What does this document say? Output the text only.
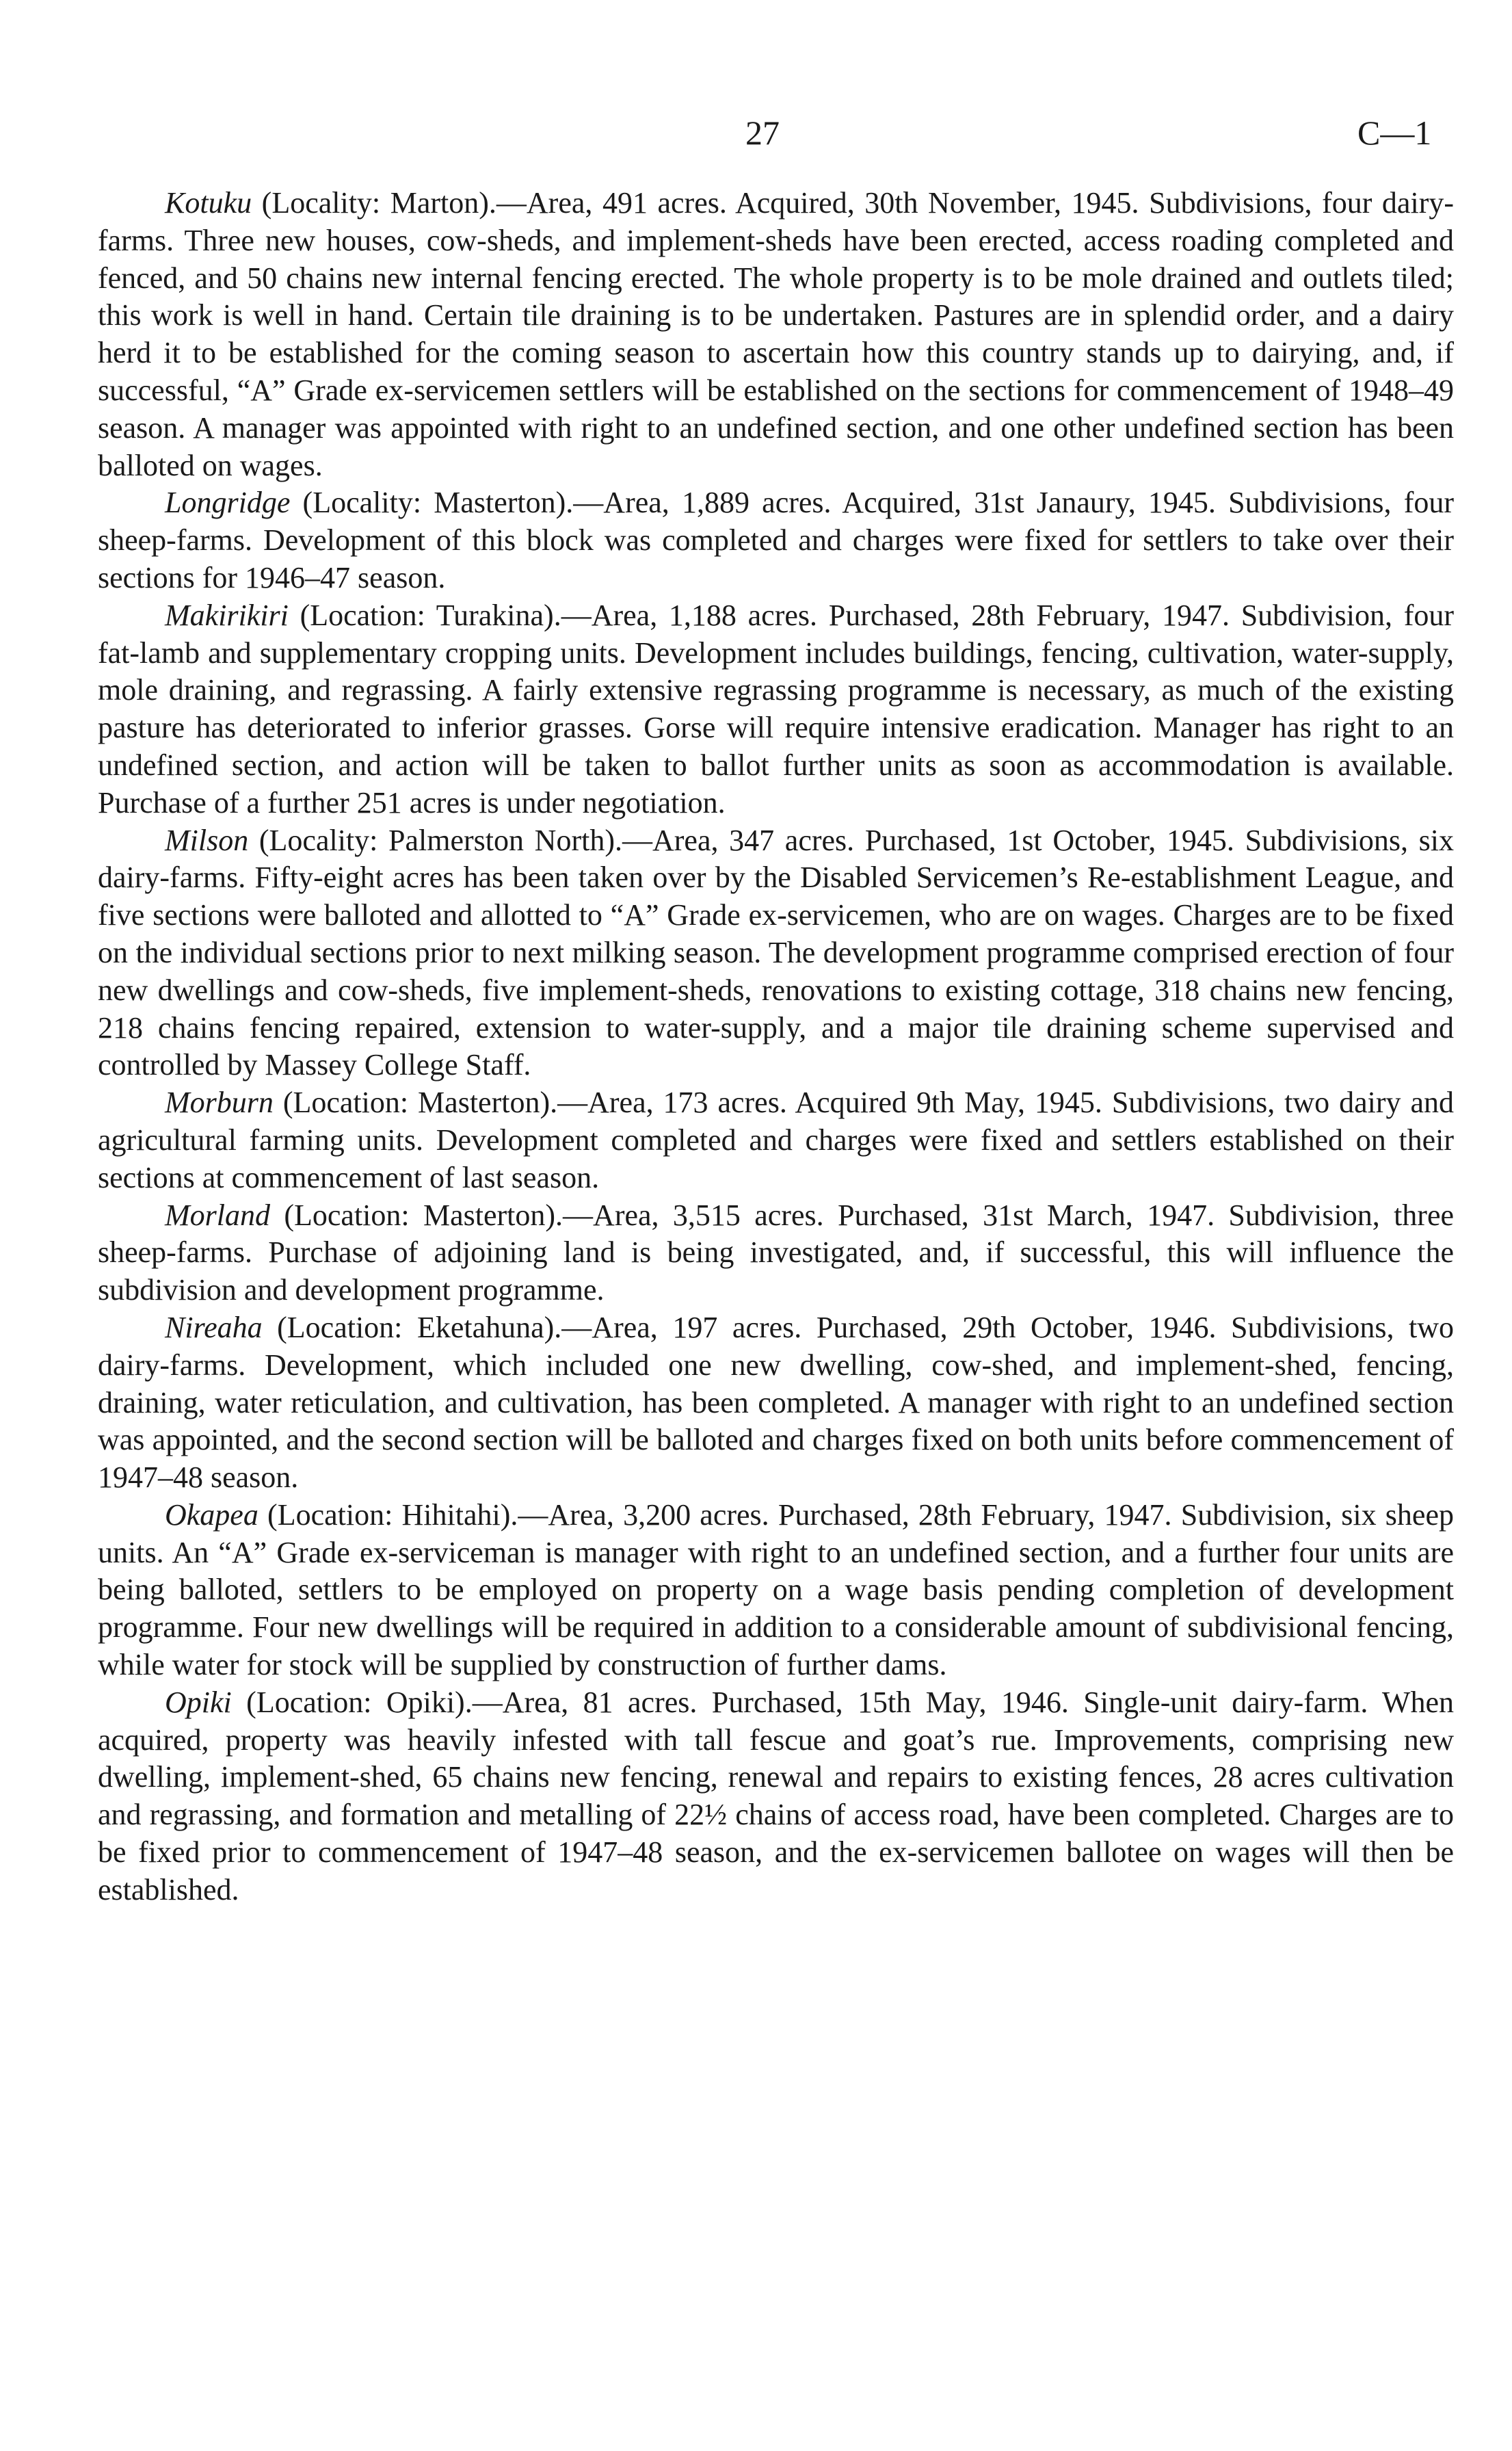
27	C—1

Kotuku (Locality: Marton).—Area, 491 acres. Acquired, 30th November, 1945. Subdivisions, four dairy-farms. Three new houses, cow-sheds, and implement-sheds have been erected, access roading completed and fenced, and 50 chains new internal fencing erected. The whole property is to be mole drained and outlets tiled; this work is well in hand. Certain tile draining is to be undertaken. Pastures are in splendid order, and a dairy herd it to be established for the coming season to ascertain how this country stands up to dairying, and, if successful, “A” Grade ex-servicemen settlers will be established on the sections for commencement of 1948–49 season. A manager was appointed with right to an undefined section, and one other undefined section has been balloted on wages.

Longridge (Locality: Masterton).—Area, 1,889 acres. Acquired, 31st Janaury, 1945. Subdivisions, four sheep-farms. Development of this block was completed and charges were fixed for settlers to take over their sections for 1946–47 season.

Makirikiri (Location: Turakina).—Area, 1,188 acres. Purchased, 28th February, 1947. Subdivision, four fat-lamb and supplementary cropping units. Development includes buildings, fencing, cultivation, water-supply, mole draining, and regrassing. A fairly extensive regrassing programme is necessary, as much of the existing pasture has deteriorated to inferior grasses. Gorse will require intensive eradication. Manager has right to an undefined section, and action will be taken to ballot further units as soon as accommodation is available. Purchase of a further 251 acres is under negotiation.

Milson (Locality: Palmerston North).—Area, 347 acres. Purchased, 1st October, 1945. Subdivisions, six dairy-farms. Fifty-eight acres has been taken over by the Disabled Servicemen’s Re-establishment League, and five sections were balloted and allotted to “A” Grade ex-servicemen, who are on wages. Charges are to be fixed on the individual sections prior to next milking season. The development programme comprised erection of four new dwellings and cow-sheds, five implement-sheds, renovations to existing cottage, 318 chains new fencing, 218 chains fencing repaired, extension to water-supply, and a major tile draining scheme supervised and controlled by Massey College Staff.

Morburn (Location: Masterton).—Area, 173 acres. Acquired 9th May, 1945. Subdivisions, two dairy and agricultural farming units. Development completed and charges were fixed and settlers established on their sections at commencement of last season.

Morland (Location: Masterton).—Area, 3,515 acres. Purchased, 31st March, 1947. Subdivision, three sheep-farms. Purchase of adjoining land is being investigated, and, if successful, this will influence the subdivision and development programme.

Nireaha (Location: Eketahuna).—Area, 197 acres. Purchased, 29th October, 1946. Subdivisions, two dairy-farms. Development, which included one new dwelling, cow-shed, and implement-shed, fencing, draining, water reticulation, and cultivation, has been completed. A manager with right to an undefined section was appointed, and the second section will be balloted and charges fixed on both units before commencement of 1947–48 season.

Okapea (Location: Hihitahi).—Area, 3,200 acres. Purchased, 28th February, 1947. Subdivision, six sheep units. An “A” Grade ex-serviceman is manager with right to an undefined section, and a further four units are being balloted, settlers to be employed on property on a wage basis pending completion of development programme. Four new dwellings will be required in addition to a considerable amount of subdivisional fencing, while water for stock will be supplied by construction of further dams.

Opiki (Location: Opiki).—Area, 81 acres. Purchased, 15th May, 1946. Single-unit dairy-farm. When acquired, property was heavily infested with tall fescue and goat’s rue. Improvements, comprising new dwelling, implement-shed, 65 chains new fencing, renewal and repairs to existing fences, 28 acres cultivation and regrassing, and formation and metalling of 22½ chains of access road, have been completed. Charges are to be fixed prior to commencement of 1947–48 season, and the ex-servicemen ballotee on wages will then be established.
